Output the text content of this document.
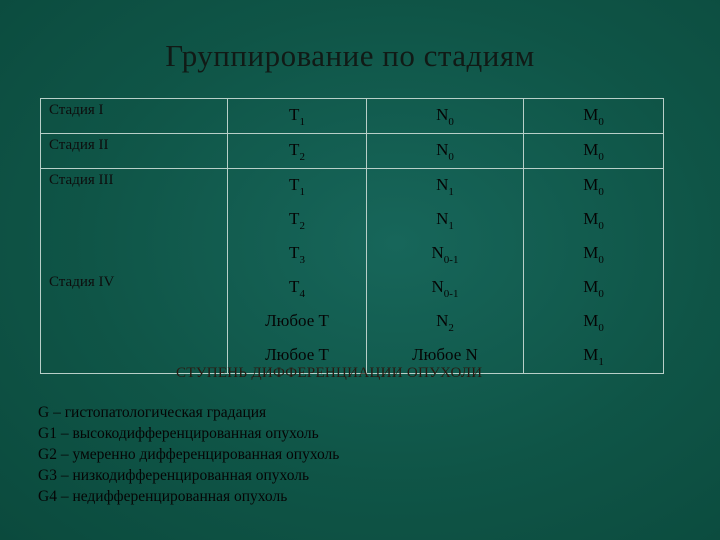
Группирование по стадиям
Стадия I	$T_1$	$N_0$	$M_0$
Стадия II	$T_2$	$N_0$	$M_0$
Стадия III	$T_1$	$N_1$	$M_0$
	$T_2$	$N_1$	$M_0$
	$T_3$	$N_{0-1}$	$M_0$
Стадия IV	$T_4$	$N_{0-1}$	$M_0$
	Любое T	$N_2$	$M_0$
	Любое T	Любое N	$M_1$
СТУПЕНЬ ДИФФЕРЕНЦИАЦИИ ОПУХОЛИ
G – гистопатологическая градация
G1 – высокодифференцированная опухоль
G2 – умеренно дифференцированная опухоль
G3 – низкодифференцированная опухоль
G4 – недифференцированная опухоль
